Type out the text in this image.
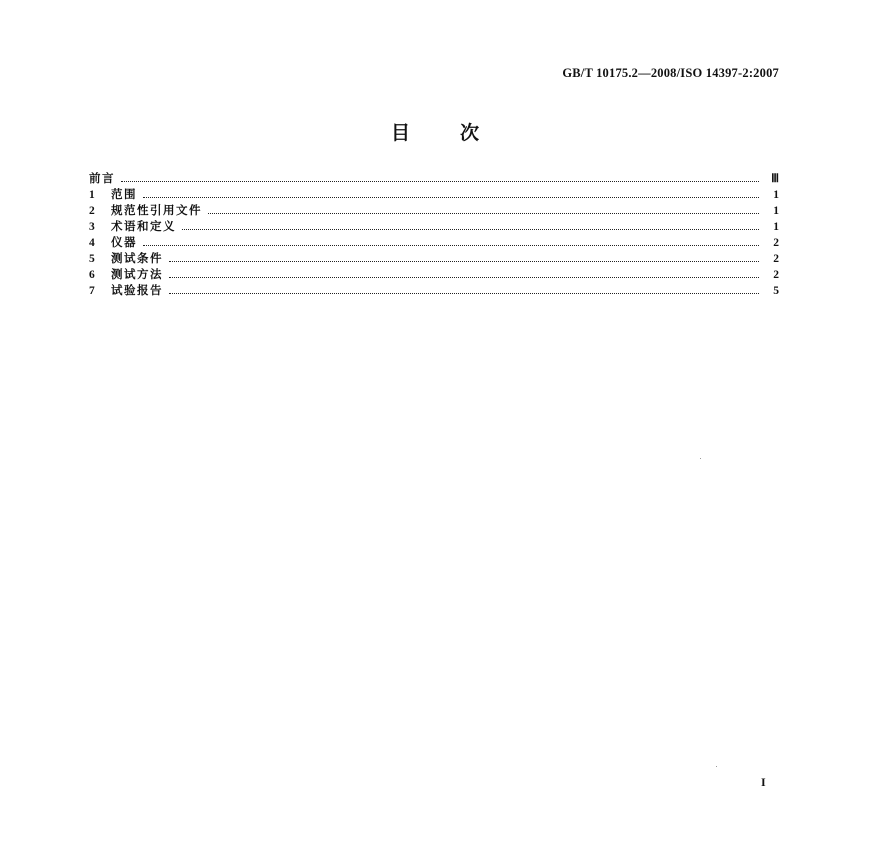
GB/T 10175.2—2008/ISO 14397-2:2007
目	次
前言	Ⅲ
1	范围	1
2	规范性引用文件	1
3	术语和定义	1
4	仪器	2
5	测试条件	2
6	测试方法	2
7	试验报告	5
I
